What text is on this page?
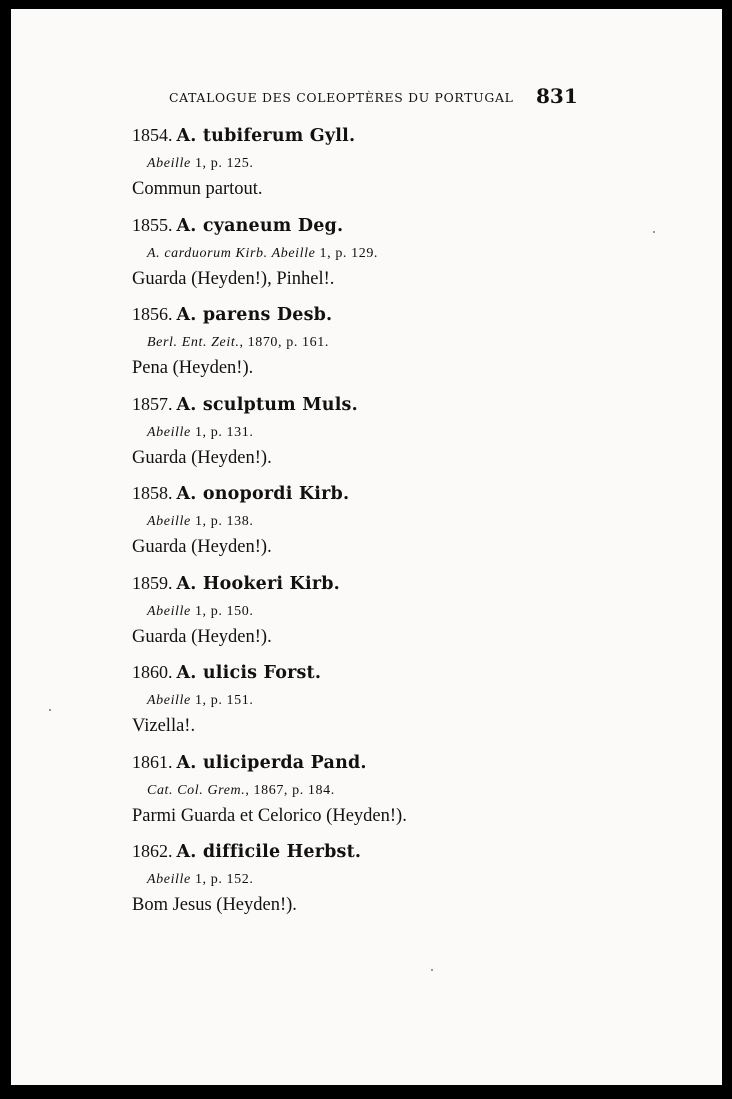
CATALOGUE DES COLEOPTÈRES DU PORTUGAL 831
1854. A. tubiferum Gyll.
Abeille 1, p. 125.
Commun partout.
1855. A. cyaneum Deg.
A. carduorum Kirb. Abeille 1, p. 129.
Guarda (Heyden!), Pinhel!.
1856. A. parens Desb.
Berl. Ent. Zeit., 1870, p. 161.
Pena (Heyden!).
1857. A. sculptum Muls.
Abeille 1, p. 131.
Guarda (Heyden!).
1858. A. onopordi Kirb.
Abeille 1, p. 138.
Guarda (Heyden!).
1859. A. Hookeri Kirb.
Abeille 1, p. 150.
Guarda (Heyden!).
1860. A. ulicis Forst.
Abeille 1, p. 151.
Vizella!.
1861. A. uliciperda Pand.
Cat. Col. Grem., 1867, p. 184.
Parmi Guarda et Celorico (Heyden!).
1862. A. difficile Herbst.
Abeille 1, p. 152.
Bom Jesus (Heyden!).
